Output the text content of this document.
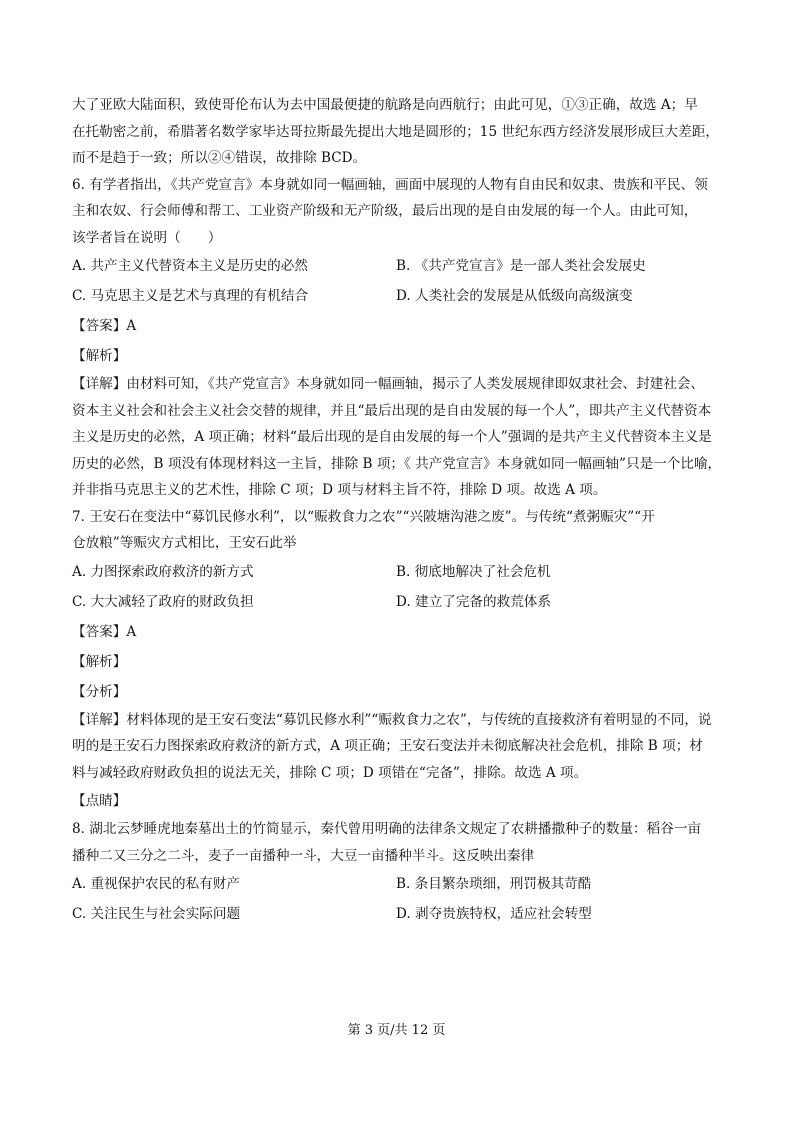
大了亚欧大陆面积，致使哥伦布认为去中国最便捷的航路是向西航行；由此可见，①③正确，故选 A；早

在托勒密之前，希腊著名数学家毕达哥拉斯最先提出大地是圆形的；15 世纪东西方经济发展形成巨大差距，

而不是趋于一致；所以②④错误，故排除 BCD。

6. 有学者指出，《共产党宣言》本身就如同一幅画轴，画面中展现的人物有自由民和奴隶、贵族和平民、领

主和农奴、行会师傅和帮工、工业资产阶级和无产阶级，最后出现的是自由发展的每一个人。由此可知，

该学者旨在说明（　　）

A. 共产主义代替资本主义是历史的必然	B. 《共产党宣言》是一部人类社会发展史
C. 马克思主义是艺术与真理的有机结合	D. 人类社会的发展是从低级向高级演变

【答案】A

【解析】

【详解】由材料可知，《共产党宣言》本身就如同一幅画轴，揭示了人类发展规律即奴隶社会、封建社会、

资本主义社会和社会主义社会交替的规律，并且“最后出现的是自由发展的每一个人”，即共产主义代替资本

主义是历史的必然，A 项正确；材料“最后出现的是自由发展的每一个人”强调的是共产主义代替资本主义是

历史的必然，B 项没有体现材料这一主旨，排除 B 项；《 共产党宣言》本身就如同一幅画轴”只是一个比喻，

并非指马克思主义的艺术性，排除 C 项；D 项与材料主旨不符，排除 D 项。故选 A 项。

7. 王安石在变法中“募饥民修水利”，以“赈救食力之农”“兴陂塘沟港之废”。与传统“煮粥赈灾”“开

仓放粮”等赈灾方式相比，王安石此举

A. 力图探索政府救济的新方式	B. 彻底地解决了社会危机
C. 大大减轻了政府的财政负担	D. 建立了完备的救荒体系

【答案】A

【解析】

【分析】

【详解】材料体现的是王安石变法“募饥民修水利”“赈救食力之农”，与传统的直接救济有着明显的不同，说

明的是王安石力图探索政府救济的新方式，A 项正确；王安石变法并未彻底解决社会危机，排除 B 项；材

料与减轻政府财政负担的说法无关，排除 C 项；D 项错在“完备”，排除。故选 A 项。

【点睛】

8. 湖北云梦睡虎地秦墓出土的竹简显示，秦代曾用明确的法律条文规定了农耕播撒种子的数量：稻谷一亩

播种二又三分之二斗，麦子一亩播种一斗，大豆一亩播种半斗。这反映出秦律

A. 重视保护农民的私有财产	B. 条目繁杂琐细，刑罚极其苛酷
C. 关注民生与社会实际问题	D. 剥夺贵族特权，适应社会转型
第 3 页/共 12 页
